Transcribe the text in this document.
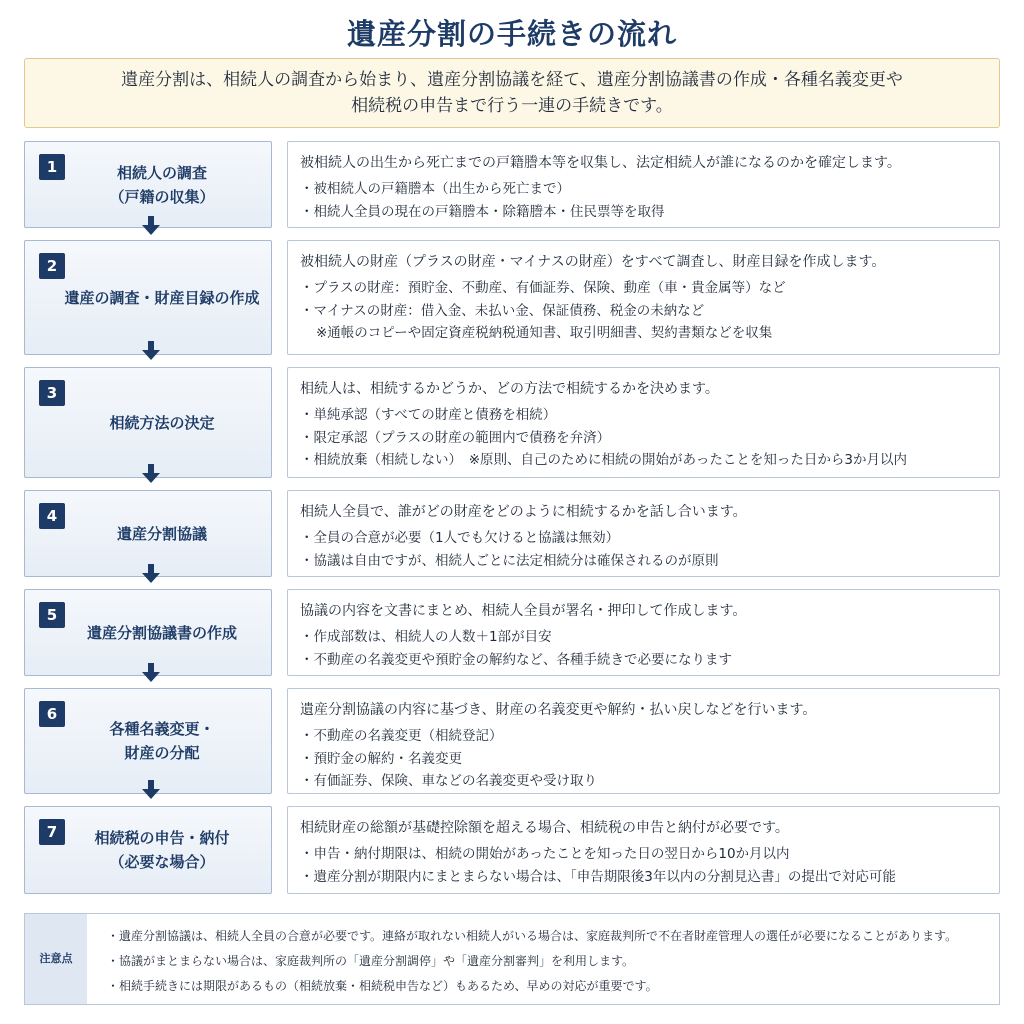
遺産分割の手続きの流れ
遺産分割は、相続人の調査から始まり、遺産分割協議を経て、遺産分割協議書の作成・各種名義変更や
相続税の申告まで行う一連の手続きです。
1	相続人の調査
（戸籍の収集）
被相続人の出生から死亡までの戸籍謄本等を収集し、法定相続人が誰になるのかを確定します。
・被相続人の戸籍謄本（出生から死亡まで）
・相続人全員の現在の戸籍謄本・除籍謄本・住民票等を取得
2
遺産の調査・財産目録の作成
被相続人の財産（プラスの財産・マイナスの財産）をすべて調査し、財産目録を作成します。
・プラスの財産：預貯金、不動産、有価証券、保険、動産（車・貴金属等）など
・マイナスの財産：借入金、未払い金、保証債務、税金の未納など
※通帳のコピーや固定資産税納税通知書、取引明細書、契約書類などを収集
3
相続方法の決定
相続人は、相続するかどうか、どの方法で相続するかを決めます。
・単純承認（すべての財産と債務を相続）
・限定承認（プラスの財産の範囲内で債務を弁済）
・相続放棄（相続しない）　※原則、自己のために相続の開始があったことを知った日から3か月以内
4
遺産分割協議
相続人全員で、誰がどの財産をどのように相続するかを話し合います。
・全員の合意が必要（1人でも欠けると協議は無効）
・協議は自由ですが、相続人ごとに法定相続分は確保されるのが原則
5
遺産分割協議書の作成
協議の内容を文書にまとめ、相続人全員が署名・押印して作成します。
・作成部数は、相続人の人数＋1部が目安
・不動産の名義変更や預貯金の解約など、各種手続きで必要になります
6
各種名義変更・
財産の分配
遺産分割協議の内容に基づき、財産の名義変更や解約・払い戻しなどを行います。
・不動産の名義変更（相続登記）
・預貯金の解約・名義変更
・有価証券、保険、車などの名義変更や受け取り
7	相続税の申告・納付
（必要な場合）
相続財産の総額が基礎控除額を超える場合、相続税の申告と納付が必要です。
・申告・納付期限は、相続の開始があったことを知った日の翌日から10か月以内
・遺産分割が期限内にまとまらない場合は、「申告期限後3年以内の分割見込書」の提出で対応可能
注意点
・遺産分割協議は、相続人全員の合意が必要です。連絡が取れない相続人がいる場合は、家庭裁判所で不在者財産管理人の選任が必要になることがあります。
・協議がまとまらない場合は、家庭裁判所の「遺産分割調停」や「遺産分割審判」を利用します。
・相続手続きには期限があるもの（相続放棄・相続税申告など）もあるため、早めの対応が重要です。
